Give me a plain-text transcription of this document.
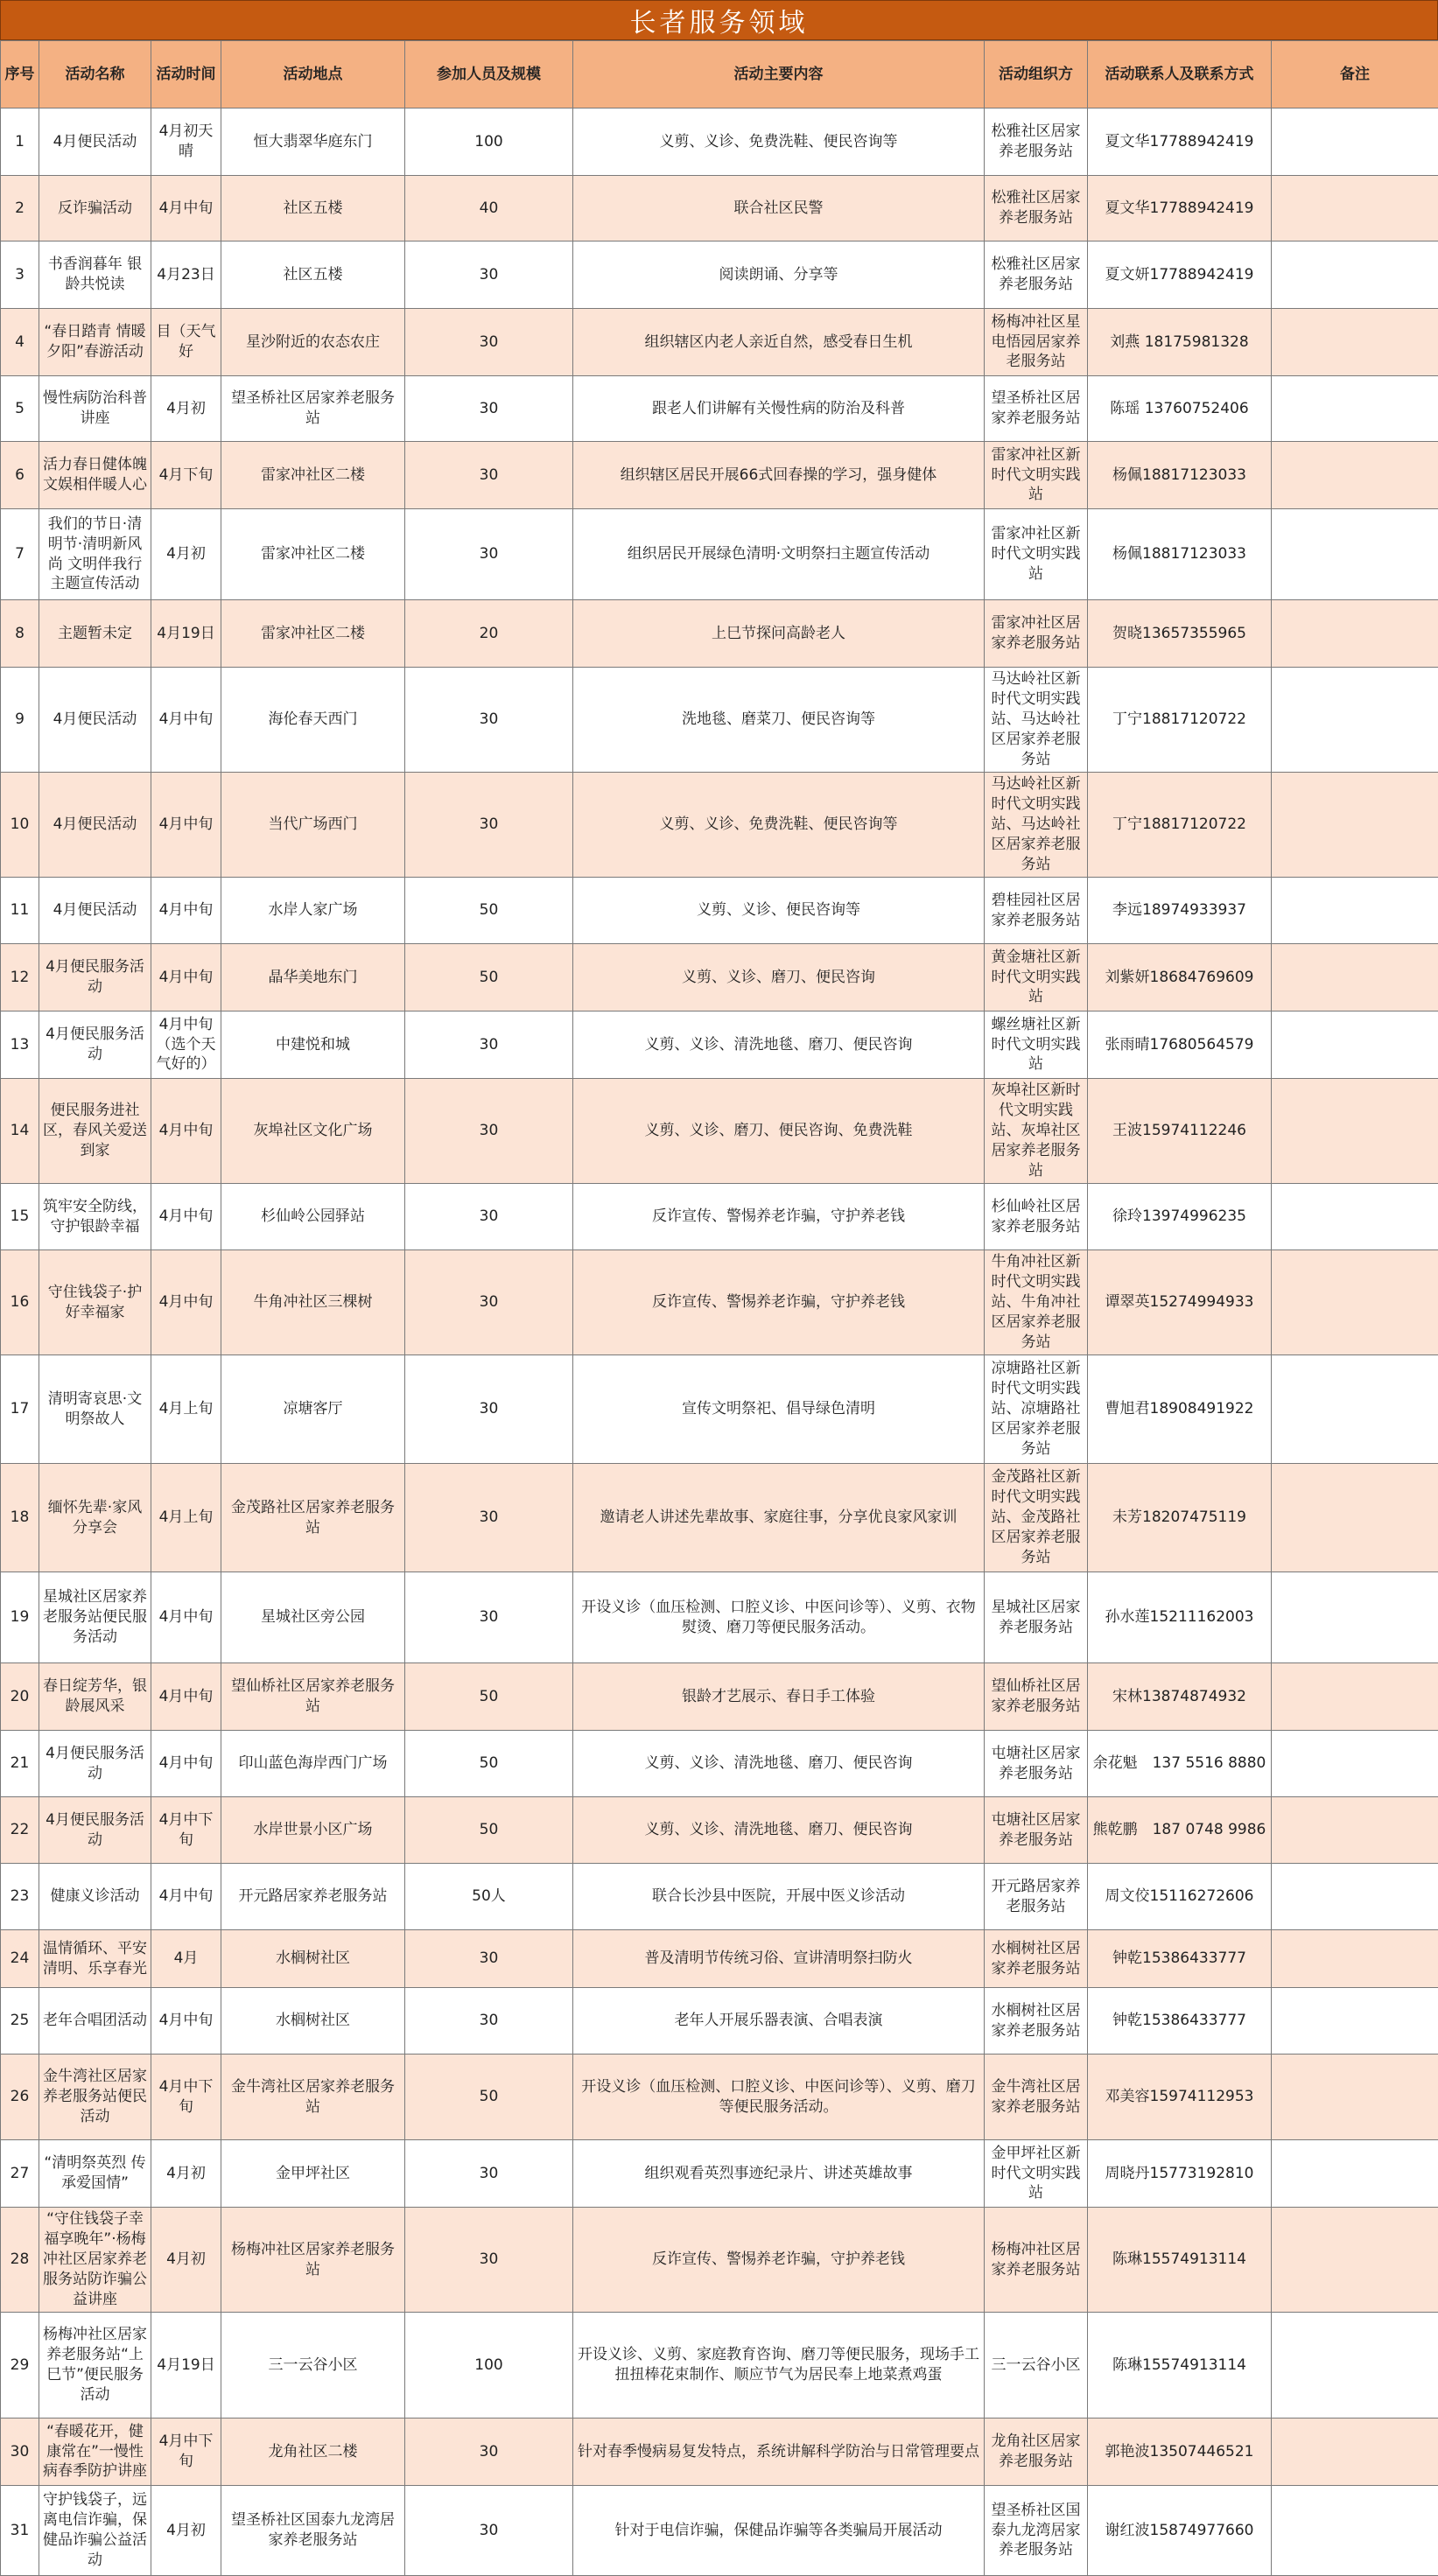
长者服务领域
序号	活动名称	活动时间	活动地点	参加人员及规模	活动主要内容	活动组织方	活动联系人及联系方式	备注
1	4月便民活动	4月初天晴	恒大翡翠华庭东门	100	义剪、义诊、免费洗鞋、便民咨询等	松雅社区居家养老服务站	夏文华17788942419	
2	反诈骗活动	4月中旬	社区五楼	40	联合社区民警	松雅社区居家养老服务站	夏文华17788942419	
3	书香润暮年 银龄共悦读	4月23日	社区五楼	30	阅读朗诵、分享等	松雅社区居家养老服务站	夏文妍17788942419	
4	“春日踏青 情暖夕阳”春游活动	目（天气好	星沙附近的农态农庄	30	组织辖区内老人亲近自然，感受春日生机	杨梅冲社区星电悟园居家养老服务站	刘燕 18175981328	
5	慢性病防治科普讲座	4月初	望圣桥社区居家养老服务站	30	跟老人们讲解有关慢性病的防治及科普	望圣桥社区居家养老服务站	陈瑶 13760752406	
6	活力春日健体魄文娱相伴暖人心	4月下旬	雷家冲社区二楼	30	组织辖区居民开展66式回春操的学习，强身健体	雷家冲社区新时代文明实践站	杨佩18817123033	
7	我们的节日·清明节·清明新风尚 文明伴我行主题宣传活动	4月初	雷家冲社区二楼	30	组织居民开展绿色清明·文明祭扫主题宣传活动	雷家冲社区新时代文明实践站	杨佩18817123033	
8	主题暂未定	4月19日	雷家冲社区二楼	20	上巳节探问高龄老人	雷家冲社区居家养老服务站	贺晓13657355965	
9	4月便民活动	4月中旬	海伦春天西门	30	洗地毯、磨菜刀、便民咨询等	马达岭社区新时代文明实践站、马达岭社区居家养老服务站	丁宁18817120722	
10	4月便民活动	4月中旬	当代广场西门	30	义剪、义诊、免费洗鞋、便民咨询等	马达岭社区新时代文明实践站、马达岭社区居家养老服务站	丁宁18817120722	
11	4月便民活动	4月中旬	水岸人家广场	50	义剪、义诊、便民咨询等	碧桂园社区居家养老服务站	李远18974933937	
12	4月便民服务活动	4月中旬	晶华美地东门	50	义剪、义诊、磨刀、便民咨询	黄金塘社区新时代文明实践站	刘紫妍18684769609	
13	4月便民服务活动	4月中旬（选个天气好的）	中建悦和城	30	义剪、义诊、清洗地毯、磨刀、便民咨询	螺丝塘社区新时代文明实践站	张雨晴17680564579	
14	便民服务进社区，春风关爱送到家	4月中旬	灰埠社区文化广场	30	义剪、义诊、磨刀、便民咨询、免费洗鞋	灰埠社区新时代文明实践站、灰埠社区居家养老服务站	王波15974112246	
15	筑牢安全防线，守护银龄幸福	4月中旬	杉仙岭公园驿站	30	反诈宣传、警惕养老诈骗，守护养老钱	杉仙岭社区居家养老服务站	徐玲13974996235	
16	守住钱袋子·护好幸福家	4月中旬	牛角冲社区三棵树	30	反诈宣传、警惕养老诈骗，守护养老钱	牛角冲社区新时代文明实践站、牛角冲社区居家养老服务站	谭翠英15274994933	
17	清明寄哀思·文明祭故人	4月上旬	凉塘客厅	30	宣传文明祭祀、倡导绿色清明	凉塘路社区新时代文明实践站、凉塘路社区居家养老服务站	曹旭君18908491922	
18	缅怀先辈·家风分享会	4月上旬	金茂路社区居家养老服务站	30	邀请老人讲述先辈故事、家庭往事，分享优良家风家训	金茂路社区新时代文明实践站、金茂路社区居家养老服务站	未芳18207475119	
19	星城社区居家养老服务站便民服务活动	4月中旬	星城社区旁公园	30	开设义诊（血压检测、口腔义诊、中医问诊等）、义剪、衣物熨烫、磨刀等便民服务活动。	星城社区居家养老服务站	孙水莲15211162003	
20	春日绽芳华，银龄展风采	4月中旬	望仙桥社区居家养老服务站	50	银龄才艺展示、春日手工体验	望仙桥社区居家养老服务站	宋林13874874932	
21	4月便民服务活动	4月中旬	印山蓝色海岸西门广场	50	义剪、义诊、清洗地毯、磨刀、便民咨询	屯塘社区居家养老服务站	余花魁　137 5516 8880	
22	4月便民服务活动	4月中下旬	水岸世景小区广场	50	义剪、义诊、清洗地毯、磨刀、便民咨询	屯塘社区居家养老服务站	熊乾鹏　187 0748 9986	
23	健康义诊活动	4月中旬	开元路居家养老服务站	50人	联合长沙县中医院，开展中医义诊活动	开元路居家养老服务站	周文佼15116272606	
24	温情循环、平安清明、乐享春光	4月	水榈树社区	30	普及清明节传统习俗、宣讲清明祭扫防火	水榈树社区居家养老服务站	钟乾15386433777	
25	老年合唱团活动	4月中旬	水榈树社区	30	老年人开展乐器表演、合唱表演	水榈树社区居家养老服务站	钟乾15386433777	
26	金牛湾社区居家养老服务站便民活动	4月中下旬	金牛湾社区居家养老服务站	50	开设义诊（血压检测、口腔义诊、中医问诊等）、义剪、磨刀等便民服务活动。	金牛湾社区居家养老服务站	邓美容15974112953	
27	“清明祭英烈 传承爱国情”	4月初	金甲坪社区	30	组织观看英烈事迹纪录片、讲述英雄故事	金甲坪社区新时代文明实践站	周晓丹15773192810	
28	“守住钱袋子幸福享晚年”·杨梅冲社区居家养老服务站防诈骗公益讲座	4月初	杨梅冲社区居家养老服务站	30	反诈宣传、警惕养老诈骗，守护养老钱	杨梅冲社区居家养老服务站	陈琳15574913114	
29	杨梅冲社区居家养老服务站“上巳节”便民服务活动	4月19日	三一云谷小区	100	开设义诊、义剪、家庭教育咨询、磨刀等便民服务，现场手工扭扭棒花束制作、顺应节气为居民奉上地菜煮鸡蛋	三一云谷小区	陈琳15574913114	
30	“春暖花开，健康常在”一慢性病春季防护讲座	4月中下旬	龙角社区二楼	30	针对春季慢病易复发特点，系统讲解科学防治与日常管理要点	龙角社区居家养老服务站	郭艳波13507446521	
31	守护钱袋子，远离电信诈骗，保健品诈骗公益活动	4月初	望圣桥社区国泰九龙湾居家养老服务站	30	针对于电信诈骗，保健品诈骗等各类骗局开展活动	望圣桥社区国泰九龙湾居家养老服务站	谢红波15874977660	
